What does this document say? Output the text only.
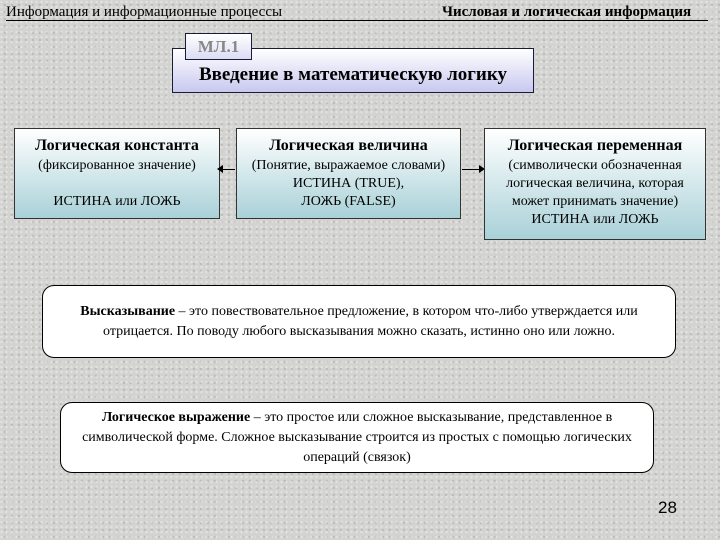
Информация и информационные процессы	Числовая и логическая информация
Введение в математическую логику
МЛ.1
Логическая константа
(фиксированное значение)
ИСТИНА или ЛОЖЬ
Логическая величина
(Понятие, выражаемое словами)
ИСТИНА (TRUE),
ЛОЖЬ (FALSE)
Логическая переменная
(символически обозначенная
логическая величина, которая
может принимать значение)
ИСТИНА или ЛОЖЬ
Высказывание – это повествовательное предложение, в котором что-либо утверждается или отрицается. По поводу любого высказывания можно сказать, истинно оно или ложно.
Логическое выражение – это простое или сложное высказывание, представленное в символической форме. Сложное высказывание строится из простых с помощью логических операций (связок)
28
